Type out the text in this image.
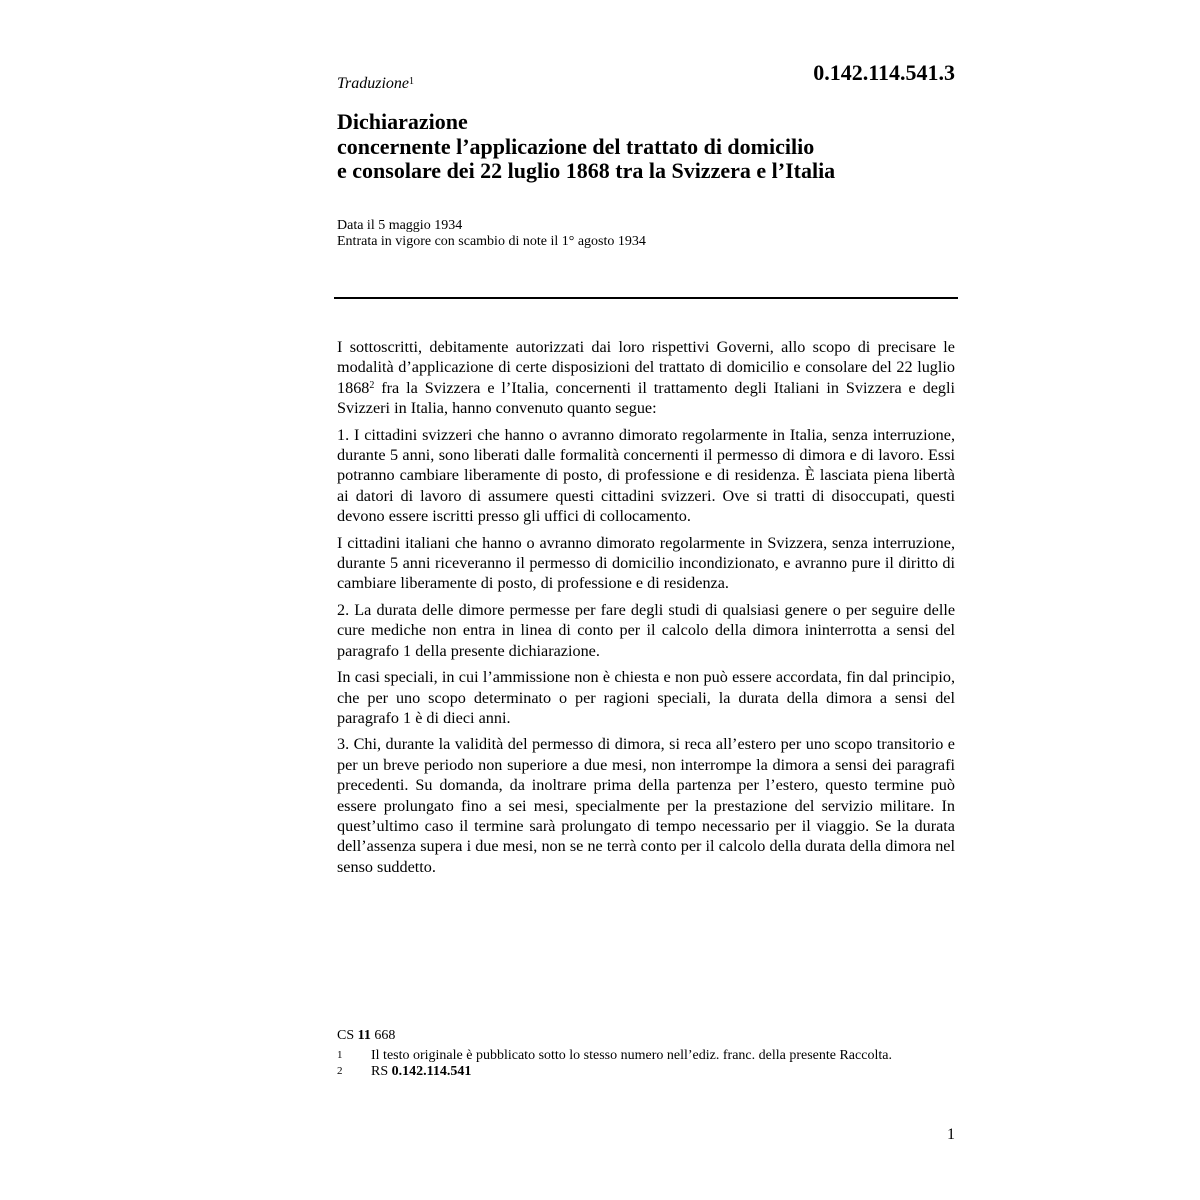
0.142.114.541.3
Traduzione$^1$
Dichiarazione
concernente l’applicazione del trattato di domicilio
e consolare dei 22 luglio 1868 tra la Svizzera e l’Italia
Data il 5 maggio 1934
Entrata in vigore con scambio di note il 1° agosto 1934

I sottoscritti, debitamente autorizzati dai loro rispettivi Governi, allo scopo di precisare le modalità d’applicazione di certe disposizioni del trattato di domicilio e consolare del 22 luglio 1868$^2$ fra la Svizzera e l’Italia, concernenti il trattamento degli Italiani in Svizzera e degli Svizzeri in Italia, hanno convenuto quanto segue:

1. I cittadini svizzeri che hanno o avranno dimorato regolarmente in Italia, senza interruzione, durante 5 anni, sono liberati dalle formalità concernenti il permesso di dimora e di lavoro. Essi potranno cambiare liberamente di posto, di professione e di residenza. È lasciata piena libertà ai datori di lavoro di assumere questi cittadini svizzeri. Ove si tratti di disoccupati, questi devono essere iscritti presso gli uffici di collocamento.

I cittadini italiani che hanno o avranno dimorato regolarmente in Svizzera, senza interruzione, durante 5 anni riceveranno il permesso di domicilio incondizionato, e avranno pure il diritto di cambiare liberamente di posto, di professione e di residenza.

2. La durata delle dimore permesse per fare degli studi di qualsiasi genere o per seguire delle cure mediche non entra in linea di conto per il calcolo della dimora ininterrotta a sensi del paragrafo 1 della presente dichiarazione.

In casi speciali, in cui l’ammissione non è chiesta e non può essere accordata, fin dal principio, che per uno scopo determinato o per ragioni speciali, la durata della dimora a sensi del paragrafo 1 è di dieci anni.

3. Chi, durante la validità del permesso di dimora, si reca all’estero per uno scopo transitorio e per un breve periodo non superiore a due mesi, non interrompe la dimora a sensi dei paragrafi precedenti. Su domanda, da inoltrare prima della partenza per l’estero, questo termine può essere prolungato fino a sei mesi, specialmente per la prestazione del servizio militare. In quest’ultimo caso il termine sarà prolungato di tempo necessario per il viaggio. Se la durata dell’assenza supera i due mesi, non se ne terrà conto per il calcolo della durata della dimora nel senso suddetto.

CS 11 668
1	Il testo originale è pubblicato sotto lo stesso numero nell’ediz. franc. della presente Raccolta.
2	RS 0.142.114.541
1
